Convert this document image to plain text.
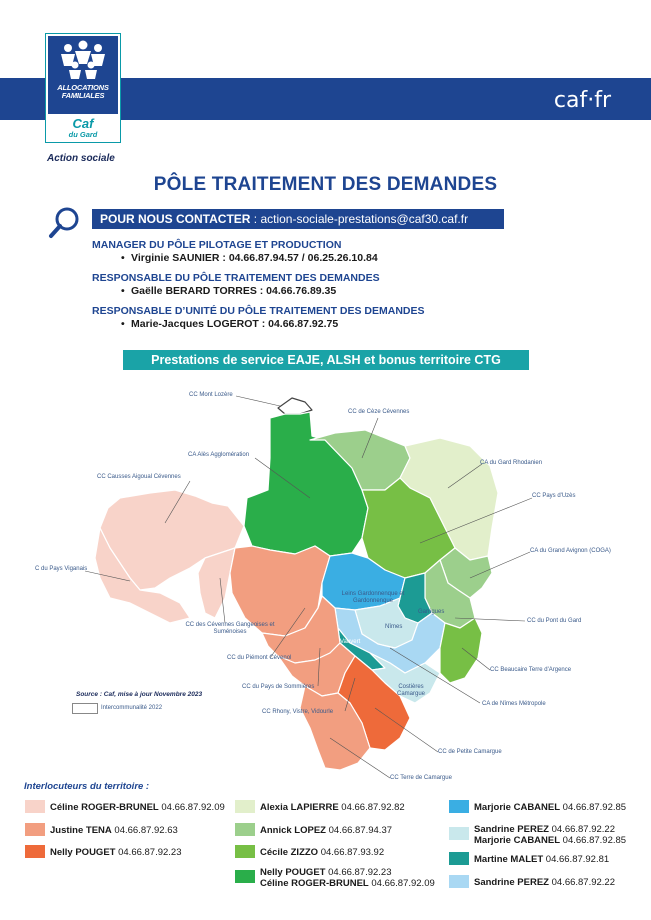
ALLOCATIONS
FAMILIALES
Caf
du Gard
caf·fr
Action sociale
PÔLE TRAITEMENT DES DEMANDES
POUR NOUS CONTACTER : action-sociale-prestations@caf30.caf.fr
MANAGER DU PÔLE PILOTAGE ET PRODUCTION
• Virginie SAUNIER : 04.66.87.94.57 / 06.25.26.10.84
RESPONSABLE DU PÔLE TRAITEMENT DES DEMANDES
• Gaëlle BERARD TORRES : 04.66.76.89.35
RESPONSABLE D’UNITÉ DU PÔLE TRAITEMENT DES DEMANDES
• Marie-Jacques LOGEROT : 04.66.87.92.75
Prestations de service EAJE, ALSH et bonus territoire CTG
CC Mont Lozère
CC de Cèze Cévennes
CA Alès Agglomération
CA du Gard Rhodanien
CC Causses Aigoual Cévennes
CC Pays d'Uzès
CA du Grand Avignon (COGA)
C du Pays Viganais
Leins Gardonnenque et Gardonnenque
Garrigues
CC du Pont du Gard
Nîmes
CC des Cévennes Gangeoises et Suménoises
CC du Piémont Cévenol
CC Beaucaire Terre d'Argence
CC du Pays de Sommières	Costières Camargue
CA de Nîmes Métropole
CC Rhony, Vistre, Vidourle
Vauvert
CC de Petite Camargue
CC Terre de Camargue
Source : Caf, mise à jour Novembre 2023
Intercommunalité 2022
Interlocuteurs du territoire :
Céline ROGER-BRUNEL 04.66.87.92.09
Justine TENA 04.66.87.92.63
Nelly POUGET 04.66.87.92.23
Alexia LAPIERRE 04.66.87.92.82
Annick LOPEZ 04.66.87.94.37
Cécile ZIZZO 04.66.87.93.92
Nelly POUGET 04.66.87.92.23
Céline ROGER-BRUNEL 04.66.87.92.09
Marjorie CABANEL 04.66.87.92.85
Sandrine PEREZ 04.66.87.92.22
Marjorie CABANEL 04.66.87.92.85
Martine MALET 04.66.87.92.81
Sandrine PEREZ 04.66.87.92.22
